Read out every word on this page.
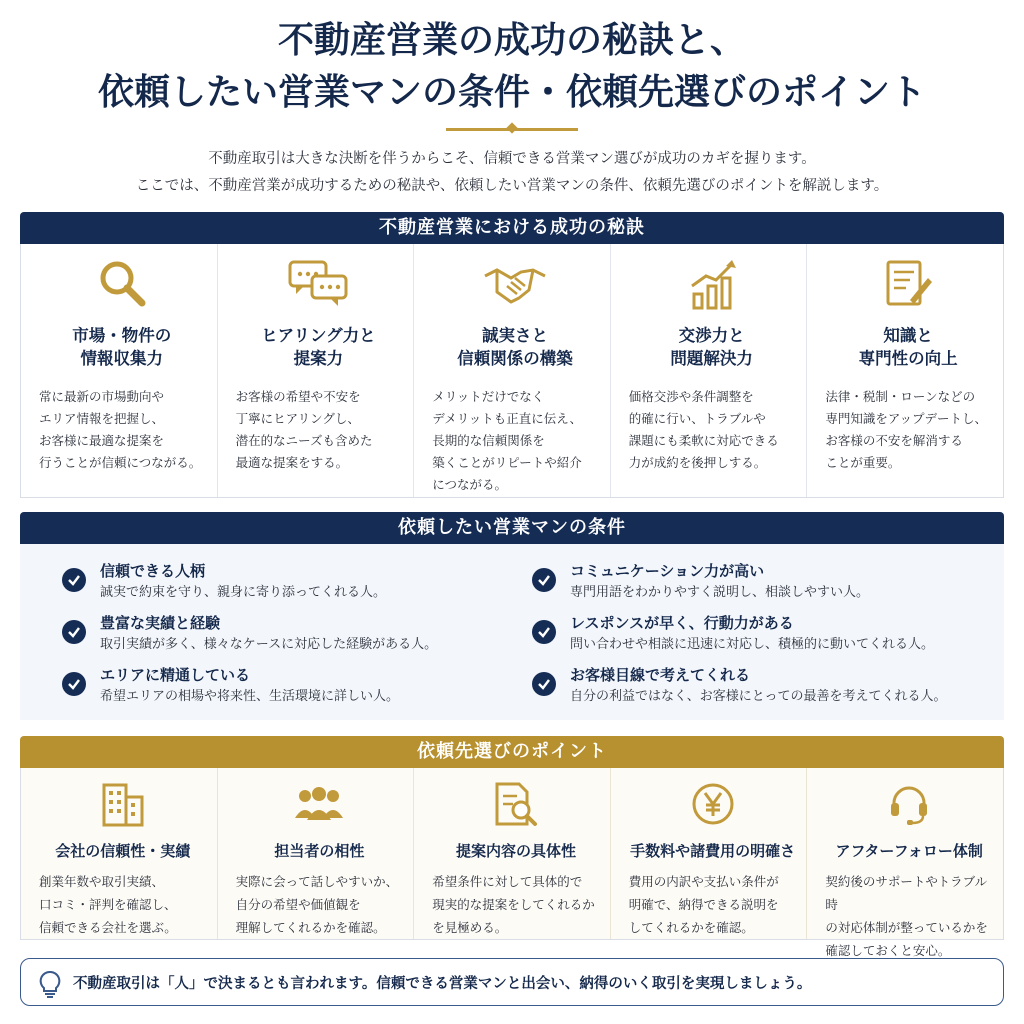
不動産営業の成功の秘訣と、
依頼したい営業マンの条件・依頼先選びのポイント
不動産取引は大きな決断を伴うからこそ、信頼できる営業マン選びが成功のカギを握ります。
ここでは、不動産営業が成功するための秘訣や、依頼したい営業マンの条件、依頼先選びのポイントを解説します。
不動産営業における成功の秘訣
市場・物件の
情報収集力

常に最新の市場動向や
エリア情報を把握し、
お客様に最適な提案を
行うことが信頼につながる。

ヒアリング力と
提案力

お客様の希望や不安を
丁寧にヒアリングし、
潜在的なニーズも含めた
最適な提案をする。

誠実さと
信頼関係の構築

メリットだけでなく
デメリットも正直に伝え、
長期的な信頼関係を
築くことがリピートや紹介
につながる。

交渉力と
問題解決力

価格交渉や条件調整を
的確に行い、トラブルや
課題にも柔軟に対応できる
力が成約を後押しする。

知識と
専門性の向上

法律・税制・ローンなどの
専門知識をアップデートし、
お客様の不安を解消する
ことが重要。

依頼したい営業マンの条件
信頼できる人柄
誠実で約束を守り、親身に寄り添ってくれる人。
豊富な実績と経験
取引実績が多く、様々なケースに対応した経験がある人。
エリアに精通している
希望エリアの相場や将来性、生活環境に詳しい人。
コミュニケーション力が高い
専門用語をわかりやすく説明し、相談しやすい人。
レスポンスが早く、行動力がある
問い合わせや相談に迅速に対応し、積極的に動いてくれる人。
お客様目線で考えてくれる
自分の利益ではなく、お客様にとっての最善を考えてくれる人。
依頼先選びのポイント
会社の信頼性・実績

創業年数や取引実績、
口コミ・評判を確認し、
信頼できる会社を選ぶ。

担当者の相性

実際に会って話しやすいか、
自分の希望や価値観を
理解してくれるかを確認。

提案内容の具体性

希望条件に対して具体的で
現実的な提案をしてくれるか
を見極める。

手数料や諸費用の明確さ

費用の内訳や支払い条件が
明確で、納得できる説明を
してくれるかを確認。

アフターフォロー体制

契約後のサポートやトラブル時
の対応体制が整っているかを
確認しておくと安心。

不動産取引は「人」で決まるとも言われます。信頼できる営業マンと出会い、納得のいく取引を実現しましょう。
